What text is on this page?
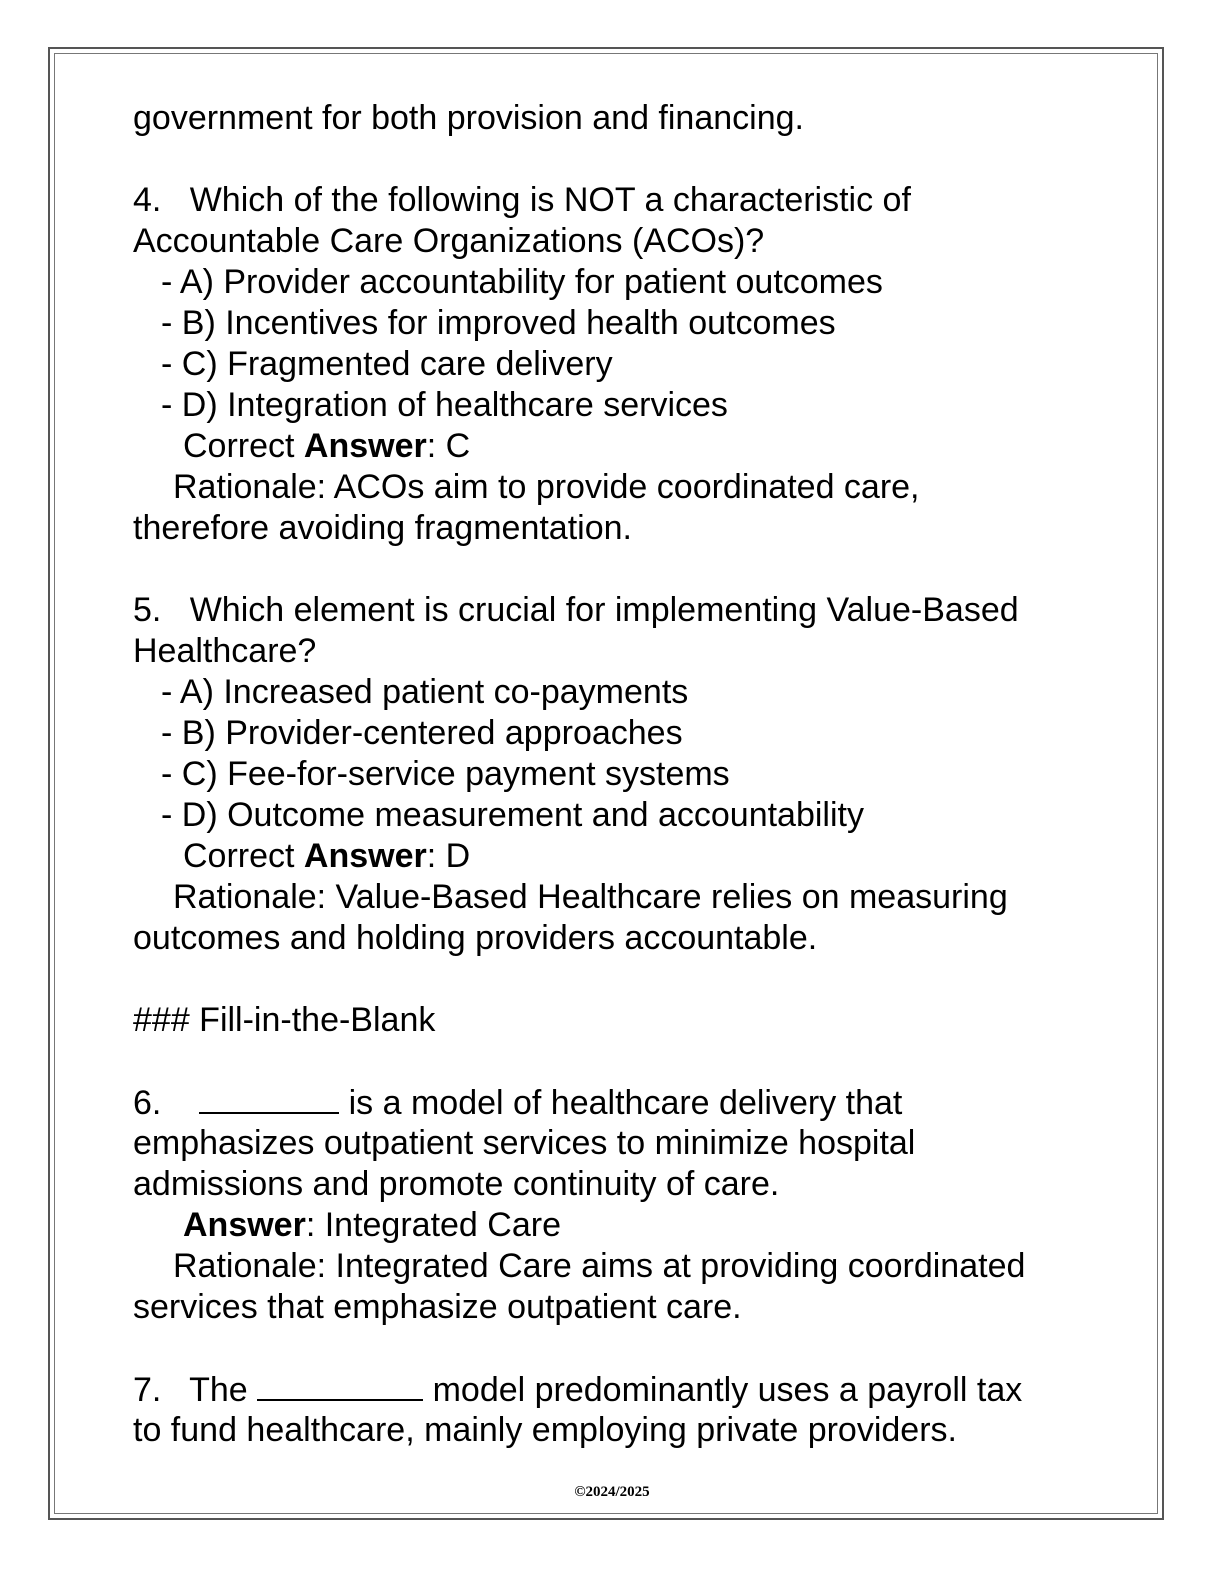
government for both provision and financing.
4. Which of the following is NOT a characteristic of
Accountable Care Organizations (ACOs)?
- A) Provider accountability for patient outcomes
- B) Incentives for improved health outcomes
- C) Fragmented care delivery
- D) Integration of healthcare services
Correct Answer: C
Rationale: ACOs aim to provide coordinated care,
therefore avoiding fragmentation.
5. Which element is crucial for implementing Value-Based
Healthcare?
- A) Increased patient co-payments
- B) Provider-centered approaches
- C) Fee-for-service payment systems
- D) Outcome measurement and accountability
Correct Answer: D
Rationale: Value-Based Healthcare relies on measuring
outcomes and holding providers accountable.
### Fill-in-the-Blank
6.	is a model of healthcare delivery that
emphasizes outpatient services to minimize hospital
admissions and promote continuity of care.
Answer: Integrated Care
Rationale: Integrated Care aims at providing coordinated
services that emphasize outpatient care.
7. The	model predominantly uses a payroll tax
to fund healthcare, mainly employing private providers.
©2024/2025
